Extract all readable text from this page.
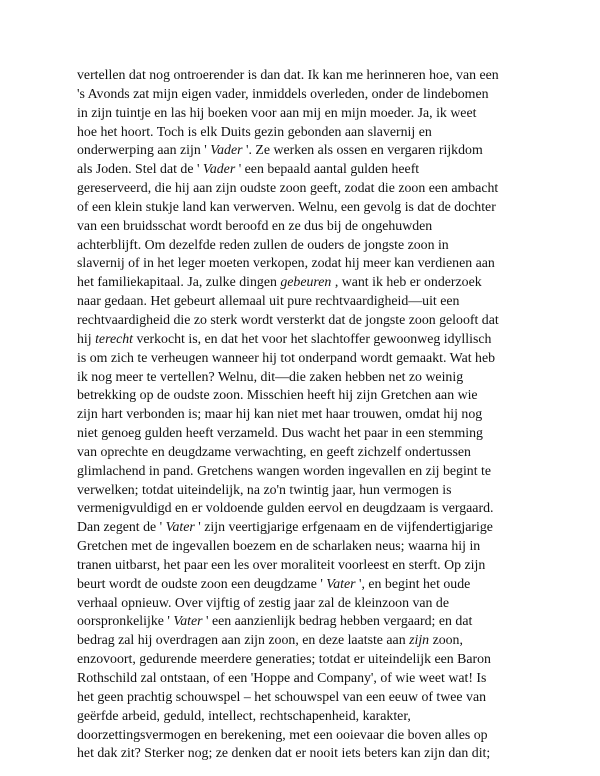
vertellen dat nog ontroerender is dan dat. Ik kan me herinneren hoe, van een
's Avonds zat mijn eigen vader, inmiddels overleden, onder de lindebomen
in zijn tuintje en las hij boeken voor aan mij en mijn moeder. Ja, ik weet
hoe het hoort. Toch is elk Duits gezin gebonden aan slavernij en
onderwerping aan zijn ' Vader '. Ze werken als ossen en vergaren rijkdom
als Joden. Stel dat de ' Vader ' een bepaald aantal gulden heeft
gereserveerd, die hij aan zijn oudste zoon geeft, zodat die zoon een ambacht
of een klein stukje land kan verwerven. Welnu, een gevolg is dat de dochter
van een bruidsschat wordt beroofd en ze dus bij de ongehuwden
achterblijft. Om dezelfde reden zullen de ouders de jongste zoon in
slavernij of in het leger moeten verkopen, zodat hij meer kan verdienen aan
het familiekapitaal. Ja, zulke dingen gebeuren , want ik heb er onderzoek
naar gedaan. Het gebeurt allemaal uit pure rechtvaardigheid—uit een
rechtvaardigheid die zo sterk wordt versterkt dat de jongste zoon gelooft dat
hij terecht verkocht is, en dat het voor het slachtoffer gewoonweg idyllisch
is om zich te verheugen wanneer hij tot onderpand wordt gemaakt. Wat heb
ik nog meer te vertellen? Welnu, dit—die zaken hebben net zo weinig
betrekking op de oudste zoon. Misschien heeft hij zijn Gretchen aan wie
zijn hart verbonden is; maar hij kan niet met haar trouwen, omdat hij nog
niet genoeg gulden heeft verzameld. Dus wacht het paar in een stemming
van oprechte en deugdzame verwachting, en geeft zichzelf ondertussen
glimlachend in pand. Gretchens wangen worden ingevallen en zij begint te
verwelken; totdat uiteindelijk, na zo'n twintig jaar, hun vermogen is
vermenigvuldigd en er voldoende gulden eervol en deugdzaam is vergaard.
Dan zegent de ' Vater ' zijn veertigjarige erfgenaam en de vijfendertigjarige
Gretchen met de ingevallen boezem en de scharlaken neus; waarna hij in
tranen uitbarst, het paar een les over moraliteit voorleest en sterft. Op zijn
beurt wordt de oudste zoon een deugdzame ' Vater ', en begint het oude
verhaal opnieuw. Over vijftig of zestig jaar zal de kleinzoon van de
oorspronkelijke ' Vater ' een aanzienlijk bedrag hebben vergaard; en dat
bedrag zal hij overdragen aan zijn zoon, en deze laatste aan zijn zoon,
enzovoort, gedurende meerdere generaties; totdat er uiteindelijk een Baron
Rothschild zal ontstaan, of een 'Hoppe and Company', of wie weet wat! Is
het geen prachtig schouwspel – het schouwspel van een eeuw of twee van
geërfde arbeid, geduld, intellect, rechtschapenheid, karakter,
doorzettingsvermogen en berekening, met een ooievaar die boven alles op
het dak zit? Sterker nog; ze denken dat er nooit iets beters kan zijn dan dit;
